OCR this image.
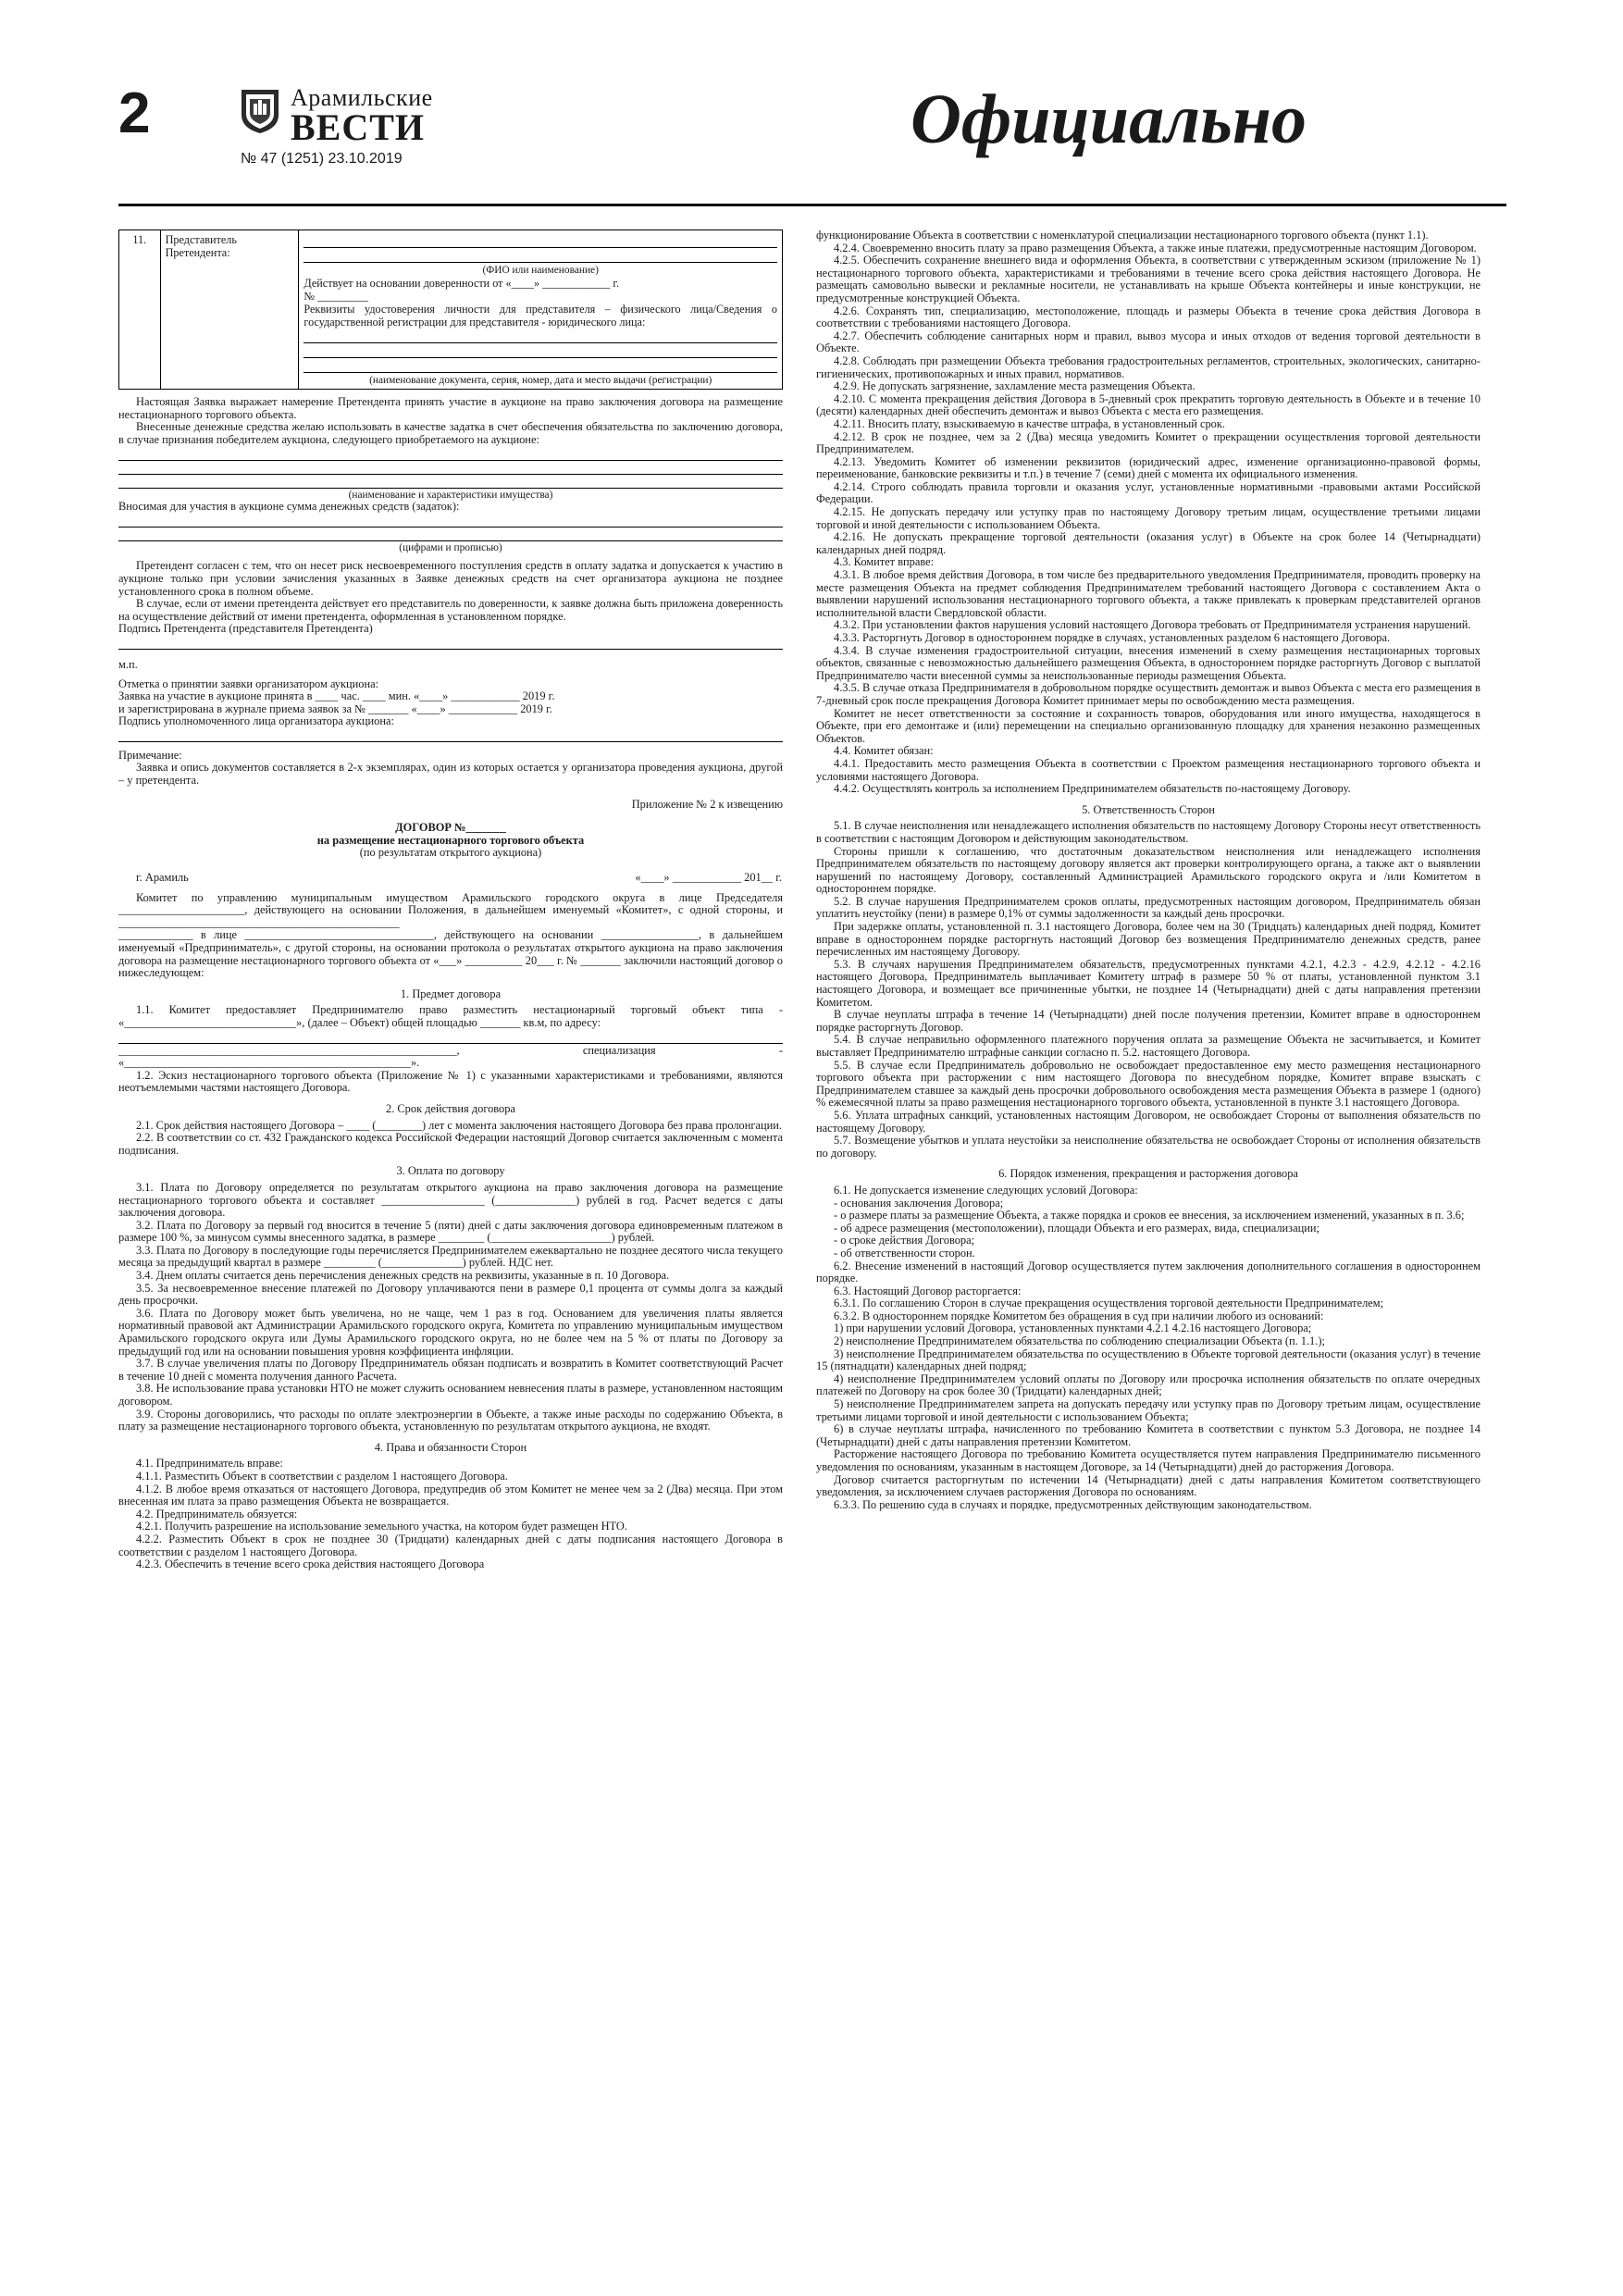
2	Арамильские
ВЕСТИ
№ 47 (1251) 23.10.2019
Официально
11.	Представитель Претендента:	
(ФИО или наименование)
Действует на основании доверенности от «____» ____________ г.
№ _________
Реквизиты удостоверения личности для представителя – физического лица/Сведения о государственной регистрации для представителя - юридического лица:
(наименование документа, серия, номер, дата и место выдачи (регистрации)

Настоящая Заявка выражает намерение Претендента принять участие в аукционе на право заключения договора на размещение нестационарного торгового объекта.

Внесенные денежные средства желаю использовать в качестве задатка в счет обеспечения обязательства по заключению договора, в случае признания победителем аукциона, следующего приобретаемого на аукционе:

(наименование и характеристики имущества)

Вносимая для участия в аукционе сумма денежных средств (задаток):

(цифрами и прописью)

Претендент согласен с тем, что он несет риск несвоевременного поступления средств в оплату задатка и допускается к участию в аукционе только при условии зачисления указанных в Заявке денежных средств на счет организатора аукциона не позднее установленного срока в полном объеме.

В случае, если от имени претендента действует его представитель по доверенности, к заявке должна быть приложена доверенность на осуществление действий от имени претендента, оформленная в установленном порядке.

Подпись Претендента (представителя Претендента)

м.п.

Отметка о принятии заявки организатором аукциона:

Заявка на участие в аукционе принята в ____ час. ____ мин. «____» ____________ 2019 г.

и зарегистрирована в журнале приема заявок за № _______ «____» ____________ 2019 г.

Подпись уполномоченного лица организатора аукциона:

Примечание:

Заявка и опись документов составляется в 2-х экземплярах, один из которых остается у организатора проведения аукциона, другой – у претендента.

Приложение № 2 к извещению

ДОГОВОР №_______

на размещение нестационарного торгового объекта

(по результатам открытого аукциона)

г. Арамиль	«____» ____________ 201__ г.

Комитет по управлению муниципальным имуществом Арамильского городского округа в лице Председателя ______________________, действующего на основании Положения, в дальнейшем именуемый «Комитет», с одной стороны, и _________________________________________________

_____________ в лице _________________________________, действующего на основании _________________, в дальнейшем именуемый «Предприниматель», с другой стороны, на основании протокола о результатах открытого аукциона на право заключения договора на размещение нестационарного торгового объекта от «___» __________ 20___ г. № _______ заключили настоящий договор о нижеследующем:

1. Предмет договора

1.1. Комитет предоставляет Предпринимателю право разместить нестационарный торговый объект типа - «______________________________», (далее – Объект) общей площадью _______ кв.м, по адресу:

___________________________________________________________, специализация - «__________________________________________________».

1.2. Эскиз нестационарного торгового объекта (Приложение № 1) с указанными характеристиками и требованиями, являются неотъемлемыми частями настоящего Договора.

2. Срок действия договора

2.1. Срок действия настоящего Договора – ____ (________) лет с момента заключения настоящего Договора без права пролонгации.

2.2. В соответствии со ст. 432 Гражданского кодекса Российской Федерации настоящий Договор считается заключенным с момента подписания.

3. Оплата по договору

3.1. Плата по Договору определяется по результатам открытого аукциона на право заключения договора на размещение нестационарного торгового объекта и составляет __________________ (______________) рублей в год. Расчет ведется с даты заключения договора.

3.2. Плата по Договору за первый год вносится в течение 5 (пяти) дней с даты заключения договора единовременным платежом в размере 100 %, за минусом суммы внесенного задатка, в размере ________ (_____________________) рублей.

3.3. Плата по Договору в последующие годы перечисляется Предпринимателем ежеквартально не позднее десятого числа текущего месяца за предыдущий квартал в размере _________ (______________) рублей. НДС нет.

3.4. Днем оплаты считается день перечисления денежных средств на реквизиты, указанные в п. 10 Договора.

3.5. За несвоевременное внесение платежей по Договору уплачиваются пени в размере 0,1 процента от суммы долга за каждый день просрочки.

3.6. Плата по Договору может быть увеличена, но не чаще, чем 1 раз в год. Основанием для увеличения платы является нормативный правовой акт Администрации Арамильского городского округа, Комитета по управлению муниципальным имуществом Арамильского городского округа или Думы Арамильского городского округа, но не более чем на 5 % от платы по Договору за предыдущий год или на основании повышения уровня коэффициента инфляции.

3.7. В случае увеличения платы по Договору Предприниматель обязан подписать и возвратить в Комитет соответствующий Расчет в течение 10 дней с момента получения данного Расчета.

3.8. Не использование права установки НТО не может служить основанием невнесения платы в размере, установленном настоящим договором.

3.9. Стороны договорились, что расходы по оплате электроэнергии в Объекте, а также иные расходы по содержанию Объекта, в плату за размещение нестационарного торгового объекта, установленную по результатам открытого аукциона, не входят.

4. Права и обязанности Сторон

4.1. Предприниматель вправе:

4.1.1. Разместить Объект в соответствии с разделом 1 настоящего Договора.

4.1.2. В любое время отказаться от настоящего Договора, предупредив об этом Комитет не менее чем за 2 (Два) месяца. При этом внесенная им плата за право размещения Объекта не возвращается.

4.2. Предприниматель обязуется:

4.2.1. Получить разрешение на использование земельного участка, на котором будет размещен НТО.

4.2.2. Разместить Объект в срок не позднее 30 (Тридцати) календарных дней с даты подписания настоящего Договора в соответствии с разделом 1 настоящего Договора.

4.2.3. Обеспечить в течение всего срока действия настоящего Договора

функционирование Объекта в соответствии с номенклатурой специализации нестационарного торгового объекта (пункт 1.1).

4.2.4. Своевременно вносить плату за право размещения Объекта, а также иные платежи, предусмотренные настоящим Договором.

4.2.5. Обеспечить сохранение внешнего вида и оформления Объекта, в соответствии с утвержденным эскизом (приложение № 1) нестационарного торгового объекта, характеристиками и требованиями в течение всего срока действия настоящего Договора. Не размещать самовольно вывески и рекламные носители, не устанавливать на крыше Объекта контейнеры и иные конструкции, не предусмотренные конструкцией Объекта.

4.2.6. Сохранять тип, специализацию, местоположение, площадь и размеры Объекта в течение срока действия Договора в соответствии с требованиями настоящего Договора.

4.2.7. Обеспечить соблюдение санитарных норм и правил, вывоз мусора и иных отходов от ведения торговой деятельности в Объекте.

4.2.8. Соблюдать при размещении Объекта требования градостроительных регламентов, строительных, экологических, санитарно-гигиенических, противопожарных и иных правил, нормативов.

4.2.9. Не допускать загрязнение, захламление места размещения Объекта.

4.2.10. С момента прекращения действия Договора в 5-дневный срок прекратить торговую деятельность в Объекте и в течение 10 (десяти) календарных дней обеспечить демонтаж и вывоз Объекта с места его размещения.

4.2.11. Вносить плату, взыскиваемую в качестве штрафа, в установленный срок.

4.2.12. В срок не позднее, чем за 2 (Два) месяца уведомить Комитет о прекращении осуществления торговой деятельности Предпринимателем.

4.2.13. Уведомить Комитет об изменении реквизитов (юридический адрес, изменение организационно-правовой формы, переименование, банковские реквизиты и т.п.) в течение 7 (семи) дней с момента их официального изменения.

4.2.14. Строго соблюдать правила торговли и оказания услуг, установленные нормативными -правовыми актами Российской Федерации.

4.2.15. Не допускать передачу или уступку прав по настоящему Договору третьим лицам, осуществление третьими лицами торговой и иной деятельности с использованием Объекта.

4.2.16. Не допускать прекращение торговой деятельности (оказания услуг) в Объекте на срок более 14 (Четырнадцати) календарных дней подряд.

4.3. Комитет вправе:

4.3.1. В любое время действия Договора, в том числе без предварительного уведомления Предпринимателя, проводить проверку на месте размещения Объекта на предмет соблюдения Предпринимателем требований настоящего Договора с составлением Акта о выявлении нарушений использования нестационарного торгового объекта, а также привлекать к проверкам представителей органов исполнительной власти Свердловской области.

4.3.2. При установлении фактов нарушения условий настоящего Договора требовать от Предпринимателя устранения нарушений.

4.3.3. Расторгнуть Договор в одностороннем порядке в случаях, установленных разделом 6 настоящего Договора.

4.3.4. В случае изменения градостроительной ситуации, внесения изменений в схему размещения нестационарных торговых объектов, связанные с невозможностью дальнейшего размещения Объекта, в одностороннем порядке расторгнуть Договор с выплатой Предпринимателю части внесенной суммы за неиспользованные периоды размещения Объекта.

4.3.5. В случае отказа Предпринимателя в добровольном порядке осуществить демонтаж и вывоз Объекта с места его размещения в 7-дневный срок после прекращения Договора Комитет принимает меры по освобождению места размещения.

Комитет не несет ответственности за состояние и сохранность товаров, оборудования или иного имущества, находящегося в Объекте, при его демонтаже и (или) перемещении на специально организованную площадку для хранения незаконно размещенных Объектов.

4.4. Комитет обязан:

4.4.1. Предоставить место размещения Объекта в соответствии с Проектом размещения нестационарного торгового объекта и условиями настоящего Договора.

4.4.2. Осуществлять контроль за исполнением Предпринимателем обязательств по-настоящему Договору.

5. Ответственность Сторон

5.1. В случае неисполнения или ненадлежащего исполнения обязательств по настоящему Договору Стороны несут ответственность в соответствии с настоящим Договором и действующим законодательством.

Стороны пришли к соглашению, что достаточным доказательством неисполнения или ненадлежащего исполнения Предпринимателем обязательств по настоящему договору является акт проверки контролирующего органа, а также акт о выявлении нарушений по настоящему Договору, составленный Администрацией Арамильского городского округа и /или Комитетом в одностороннем порядке.

5.2. В случае нарушения Предпринимателем сроков оплаты, предусмотренных настоящим договором, Предприниматель обязан уплатить неустойку (пени) в размере 0,1% от суммы задолженности за каждый день просрочки.

При задержке оплаты, установленной п. 3.1 настоящего Договора, более чем на 30 (Тридцать) календарных дней подряд, Комитет вправе в одностороннем порядке расторгнуть настоящий Договор без возмещения Предпринимателю денежных средств, ранее перечисленных им настоящему Договору.

5.3. В случаях нарушения Предпринимателем обязательств, предусмотренных пунктами 4.2.1, 4.2.3 - 4.2.9, 4.2.12 - 4.2.16 настоящего Договора, Предприниматель выплачивает Комитету штраф в размере 50 % от платы, установленной пунктом 3.1 настоящего Договора, и возмещает все причиненные убытки, не позднее 14 (Четырнадцати) дней с даты направления претензии Комитетом.

В случае неуплаты штрафа в течение 14 (Четырнадцати) дней после получения претензии, Комитет вправе в одностороннем порядке расторгнуть Договор.

5.4. В случае неправильно оформленного платежного поручения оплата за размещение Объекта не засчитывается, и Комитет выставляет Предпринимателю штрафные санкции согласно п. 5.2. настоящего Договора.

5.5. В случае если Предприниматель добровольно не освобождает предоставленное ему место размещения нестационарного торгового объекта при расторжении с ним настоящего Договора по внесудебном порядке, Комитет вправе взыскать с Предпринимателем ставшее за каждый день просрочки добровольного освобождения места размещения Объекта в размере 1 (одного) % ежемесячной платы за право размещения нестационарного торгового объекта, установленной в пункте 3.1 настоящего Договора.

5.6. Уплата штрафных санкций, установленных настоящим Договором, не освобождает Стороны от выполнения обязательств по настоящему Договору.

5.7. Возмещение убытков и уплата неустойки за неисполнение обязательства не освобождает Стороны от исполнения обязательств по договору.

6. Порядок изменения, прекращения и расторжения договора

6.1. Не допускается изменение следующих условий Договора:

- основания заключения Договора;

- о размере платы за размещение Объекта, а также порядка и сроков ее внесения, за исключением изменений, указанных в п. 3.6;

- об адресе размещения (местоположении), площади Объекта и его размерах, вида, специализации;

- о сроке действия Договора;

- об ответственности сторон.

6.2. Внесение изменений в настоящий Договор осуществляется путем заключения дополнительного соглашения в одностороннем порядке.

6.3. Настоящий Договор расторгается:

6.3.1. По соглашению Сторон в случае прекращения осуществления торговой деятельности Предпринимателем;

6.3.2. В одностороннем порядке Комитетом без обращения в суд при наличии любого из оснований:

1) при нарушении условий Договора, установленных пунктами 4.2.1 4.2.16 настоящего Договора;

2) неисполнение Предпринимателем обязательства по соблюдению специализации Объекта (п. 1.1.);

3) неисполнение Предпринимателем обязательства по осуществлению в Объекте торговой деятельности (оказания услуг) в течение 15 (пятнадцати) календарных дней подряд;

4) неисполнение Предпринимателем условий оплаты по Договору или просрочка исполнения обязательств по оплате очередных платежей по Договору на срок более 30 (Тридцати) календарных дней;

5) неисполнение Предпринимателем запрета на допускать передачу или уступку прав по Договору третьим лицам, осуществление третьими лицами торговой и иной деятельности с использованием Объекта;

6) в случае неуплаты штрафа, начисленного по требованию Комитета в соответствии с пунктом 5.3 Договора, не позднее 14 (Четырнадцати) дней с даты направления претензии Комитетом.

Расторжение настоящего Договора по требованию Комитета осуществляется путем направления Предпринимателю письменного уведомления по основаниям, указанным в настоящем Договоре, за 14 (Четырнадцати) дней до расторжения Договора.

Договор считается расторгнутым по истечении 14 (Четырнадцати) дней с даты направления Комитетом соответствующего уведомления, за исключением случаев расторжения Договора по основаниям.

6.3.3. По решению суда в случаях и порядке, предусмотренных действующим законодательством.
